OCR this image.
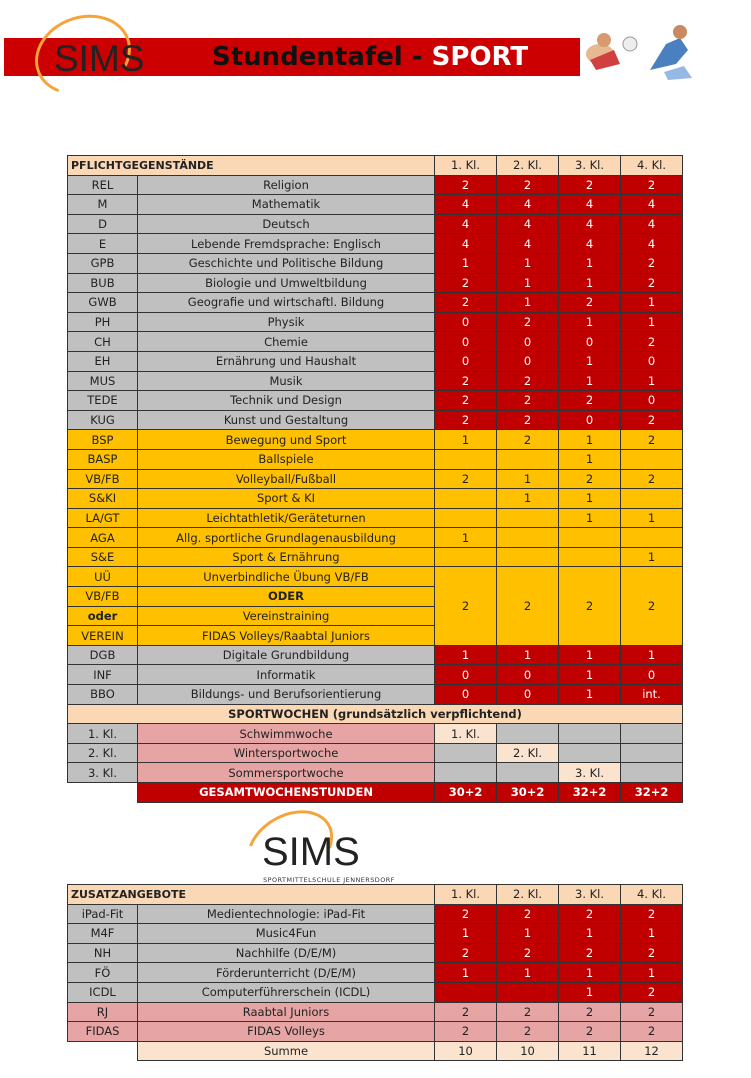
SIMS	Stundentafel - SPORT
PFLICHTGEGENSTÄNDE		1. Kl.	2. Kl.	3. Kl.	4. Kl.
REL	Religion	2	2	2	2
M	Mathematik	4	4	4	4
D	Deutsch	4	4	4	4
E	Lebende Fremdsprache: Englisch	4	4	4	4
GPB	Geschichte und Politische Bildung	1	1	1	2
BUB	Biologie und Umweltbildung	2	1	1	2
GWB	Geografie und wirtschaftl. Bildung	2	1	2	1
PH	Physik	0	2	1	1
CH	Chemie	0	0	0	2
EH	Ernährung und Haushalt	0	0	1	0
MUS	Musik	2	2	1	1
TEDE	Technik und Design	2	2	2	0
KUG	Kunst und Gestaltung	2	2	0	2
BSP	Bewegung und Sport	1	2	1	2
BASP	Ballspiele			1	
VB/FB	Volleyball/Fußball	2	1	2	2
S&KI	Sport & KI		1	1	
LA/GT	Leichtathletik/Geräteturnen			1	1
AGA	Allg. sportliche Grundlagenausbildung	1			
S&E	Sport & Ernährung				1
UÜ	Unverbindliche Übung VB/FB	2	2	2	2
VB/FB	ODER				
oder	Vereinstraining				
VEREIN	FIDAS Volleys/Raabtal Juniors				
DGB	Digitale Grundbildung	1	1	1	1
INF	Informatik	0	0	1	0
BBO	Bildungs- und Berufsorientierung	0	0	1	int.
SPORTWOCHEN (grundsätzlich verpflichtend)					
1. Kl.	Schwimmwoche	1. Kl.			
2. Kl.	Wintersportwoche		2. Kl.		
3. Kl.	Sommersportwoche			3. Kl.	
	GESAMTWOCHENSTUNDEN	30+2	30+2	32+2	32+2
SIMS
SPORTMITTELSCHULE JENNERSDORF
ZUSATZANGEBOTE		1. Kl.	2. Kl.	3. Kl.	4. Kl.
iPad-Fit	Medientechnologie: iPad-Fit	2	2	2	2
M4F	Music4Fun	1	1	1	1
NH	Nachhilfe (D/E/M)	2	2	2	2
FÖ	Förderunterricht (D/E/M)	1	1	1	1
ICDL	Computerführerschein (ICDL)			1	2
RJ	Raabtal Juniors	2	2	2	2
FIDAS	FIDAS Volleys	2	2	2	2
	Summe	10	10	11	12
